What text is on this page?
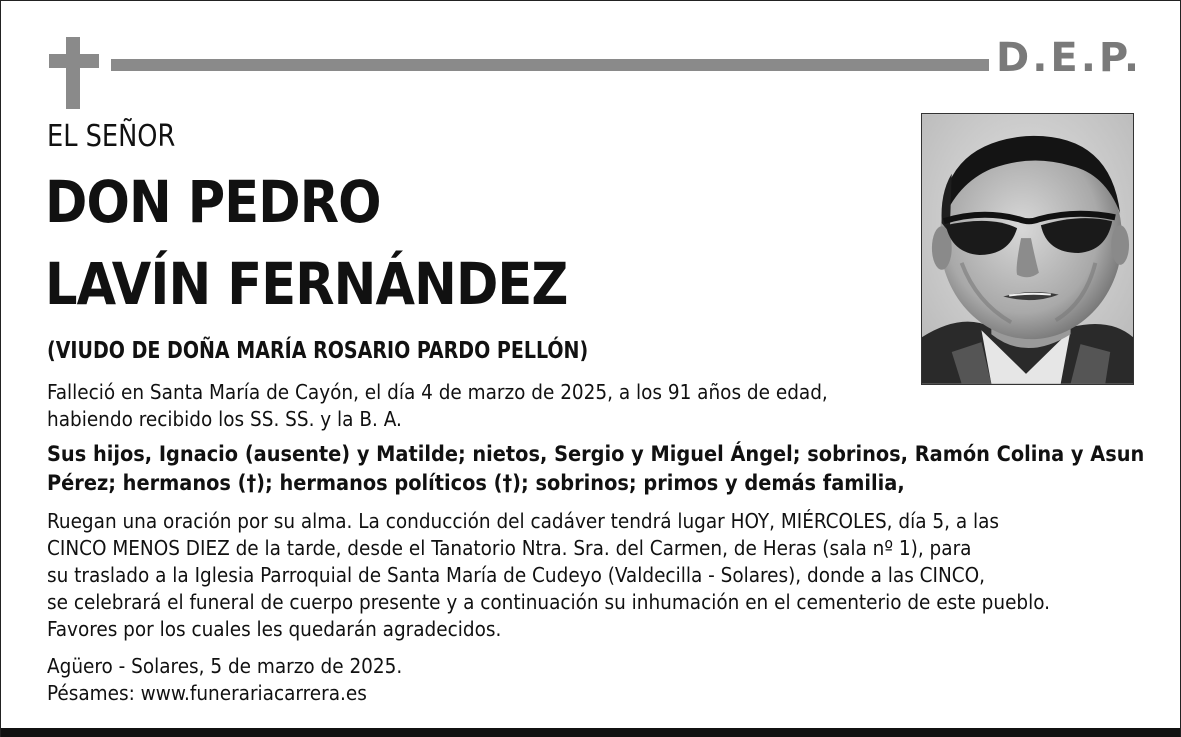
D.E.P.
EL SEÑOR
DON PEDRO
LAVÍN FERNÁNDEZ
(VIUDO DE DOÑA MARÍA ROSARIO PARDO PELLÓN)
Falleció en Santa María de Cayón, el día 4 de marzo de 2025, a los 91 años de edad,
habiendo recibido los SS. SS. y la B. A.
Sus hijos, Ignacio (ausente) y Matilde; nietos, Sergio y Miguel Ángel; sobrinos, Ramón Colina y Asun
Pérez; hermanos (†); hermanos políticos (†); sobrinos; primos y demás familia,
Ruegan una oración por su alma. La conducción del cadáver tendrá lugar HOY, MIÉRCOLES, día 5, a las
CINCO MENOS DIEZ de la tarde, desde el Tanatorio Ntra. Sra. del Carmen, de Heras (sala nº 1), para
su traslado a la Iglesia Parroquial de Santa María de Cudeyo (Valdecilla - Solares), donde a las CINCO,
se celebrará el funeral de cuerpo presente y a continuación su inhumación en el cementerio de este pueblo.
Favores por los cuales les quedarán agradecidos.
Agüero - Solares, 5 de marzo de 2025.
Pésames: www.funerariacarrera.es
